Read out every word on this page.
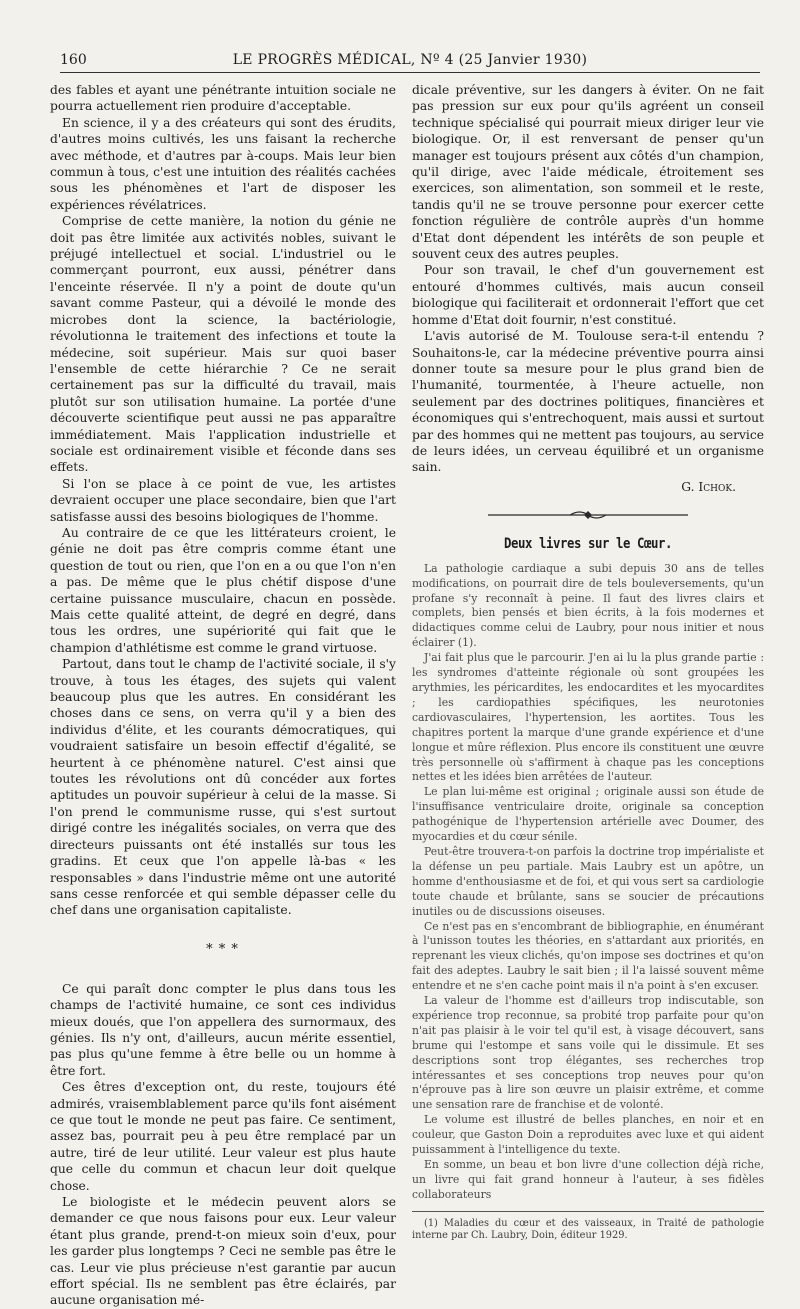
160	LE PROGRÈS MÉDICAL, Nº 4 (25 Janvier 1930)

des fables et ayant une pénétrante intuition sociale ne pourra actuellement rien produire d'acceptable.

En science, il y a des créateurs qui sont des érudits, d'autres moins cultivés, les uns faisant la recherche avec méthode, et d'autres par à-coups. Mais leur bien commun à tous, c'est une intuition des réalités cachées sous les phénomènes et l'art de disposer les expériences révélatrices.

Comprise de cette manière, la notion du génie ne doit pas être limitée aux activités nobles, suivant le préjugé intellectuel et social. L'industriel ou le commerçant pourront, eux aussi, pénétrer dans l'enceinte réservée. Il n'y a point de doute qu'un savant comme Pasteur, qui a dévoilé le monde des microbes dont la science, la bactériologie, révolutionna le traitement des infections et toute la médecine, soit supérieur. Mais sur quoi baser l'ensemble de cette hiérarchie ? Ce ne serait certainement pas sur la difficulté du travail, mais plutôt sur son utilisation humaine. La portée d'une découverte scientifique peut aussi ne pas apparaître immédiatement. Mais l'application industrielle et sociale est ordinairement visible et féconde dans ses effets.

Si l'on se place à ce point de vue, les artistes devraient occuper une place secondaire, bien que l'art satisfasse aussi des besoins biologiques de l'homme.

Au contraire de ce que les littérateurs croient, le génie ne doit pas être compris comme étant une question de tout ou rien, que l'on en a ou que l'on n'en a pas. De même que le plus chétif dispose d'une certaine puissance musculaire, chacun en possède. Mais cette qualité atteint, de degré en degré, dans tous les ordres, une supériorité qui fait que le champion d'athlétisme est comme le grand virtuose.

Partout, dans tout le champ de l'activité sociale, il s'y trouve, à tous les étages, des sujets qui valent beaucoup plus que les autres. En considérant les choses dans ce sens, on verra qu'il y a bien des individus d'élite, et les courants démocratiques, qui voudraient satisfaire un besoin effectif d'égalité, se heurtent à ce phénomène naturel. C'est ainsi que toutes les révolutions ont dû concéder aux fortes aptitudes un pouvoir supérieur à celui de la masse. Si l'on prend le communisme russe, qui s'est surtout dirigé contre les inégalités sociales, on verra que des directeurs puissants ont été installés sur tous les gradins. Et ceux que l'on appelle là-bas « les responsables » dans l'industrie même ont une autorité sans cesse renforcée et qui semble dépasser celle du chef dans une organisation capitaliste.

* * *

Ce qui paraît donc compter le plus dans tous les champs de l'activité humaine, ce sont ces individus mieux doués, que l'on appellera des surnormaux, des génies. Ils n'y ont, d'ailleurs, aucun mérite essentiel, pas plus qu'une femme à être belle ou un homme à être fort.

Ces êtres d'exception ont, du reste, toujours été admirés, vraisemblablement parce qu'ils font aisément ce que tout le monde ne peut pas faire. Ce sentiment, assez bas, pourrait peu à peu être remplacé par un autre, tiré de leur utilité. Leur valeur est plus haute que celle du commun et chacun leur doit quelque chose.

Le biologiste et le médecin peuvent alors se demander ce que nous faisons pour eux. Leur valeur étant plus grande, prend-t-on mieux soin d'eux, pour les garder plus longtemps ? Ceci ne semble pas être le cas. Leur vie plus précieuse n'est garantie par aucun effort spécial. Ils ne semblent pas être éclairés, par aucune organisation mé-

dicale préventive, sur les dangers à éviter. On ne fait pas pression sur eux pour qu'ils agréent un conseil technique spécialisé qui pourrait mieux diriger leur vie biologique. Or, il est renversant de penser qu'un manager est toujours présent aux côtés d'un champion, qu'il dirige, avec l'aide médicale, étroitement ses exercices, son alimentation, son sommeil et le reste, tandis qu'il ne se trouve personne pour exercer cette fonction régulière de contrôle auprès d'un homme d'Etat dont dépendent les intérêts de son peuple et souvent ceux des autres peuples.

Pour son travail, le chef d'un gouvernement est entouré d'hommes cultivés, mais aucun conseil biologique qui faciliterait et ordonnerait l'effort que cet homme d'Etat doit fournir, n'est constitué.

L'avis autorisé de M. Toulouse sera-t-il entendu ? Souhaitons-le, car la médecine préventive pourra ainsi donner toute sa mesure pour le plus grand bien de l'humanité, tourmentée, à l'heure actuelle, non seulement par des doctrines politiques, financières et économiques qui s'entrechoquent, mais aussi et surtout par des hommes qui ne mettent pas toujours, au service de leurs idées, un cerveau équilibré et un organisme sain.

G. Ichok.
Deux livres sur le Cœur.

La pathologie cardiaque a subi depuis 30 ans de telles modifications, on pourrait dire de tels bouleversements, qu'un profane s'y reconnaît à peine. Il faut des livres clairs et complets, bien pensés et bien écrits, à la fois modernes et didactiques comme celui de Laubry, pour nous initier et nous éclairer (1).

J'ai fait plus que le parcourir. J'en ai lu la plus grande partie : les syndromes d'atteinte régionale où sont groupées les arythmies, les péricardites, les endocardites et les myocardites ; les cardiopathies spécifiques, les neurotonies cardiovasculaires, l'hypertension, les aortites. Tous les chapitres portent la marque d'une grande expérience et d'une longue et mûre réflexion. Plus encore ils constituent une œuvre très personnelle où s'affirment à chaque pas les conceptions nettes et les idées bien arrêtées de l'auteur.

Le plan lui-même est original ; originale aussi son étude de l'insuffisance ventriculaire droite, originale sa conception pathogénique de l'hypertension artérielle avec Doumer, des myocardies et du cœur sénile.

Peut-être trouvera-t-on parfois la doctrine trop impérialiste et la défense un peu partiale. Mais Laubry est un apôtre, un homme d'enthousiasme et de foi, et qui vous sert sa cardiologie toute chaude et brûlante, sans se soucier de précautions inutiles ou de discussions oiseuses.

Ce n'est pas en s'encombrant de bibliographie, en énumérant à l'unisson toutes les théories, en s'attardant aux priorités, en reprenant les vieux clichés, qu'on impose ses doctrines et qu'on fait des adeptes. Laubry le sait bien ; il l'a laissé souvent même entendre et ne s'en cache point mais il n'a point à s'en excuser.

La valeur de l'homme est d'ailleurs trop indiscutable, son expérience trop reconnue, sa probité trop parfaite pour qu'on n'ait pas plaisir à le voir tel qu'il est, à visage découvert, sans brume qui l'estompe et sans voile qui le dissimule. Et ses descriptions sont trop élégantes, ses recherches trop intéressantes et ses conceptions trop neuves pour qu'on n'éprouve pas à lire son œuvre un plaisir extrême, et comme une sensation rare de franchise et de volonté.

Le volume est illustré de belles planches, en noir et en couleur, que Gaston Doin a reproduites avec luxe et qui aident puissamment à l'intelligence du texte.

En somme, un beau et bon livre d'une collection déjà riche, un livre qui fait grand honneur à l'auteur, à ses fidèles collaborateurs

(1) Maladies du cœur et des vaisseaux, in Traité de pathologie interne par Ch. Laubry, Doin, éditeur 1929.
